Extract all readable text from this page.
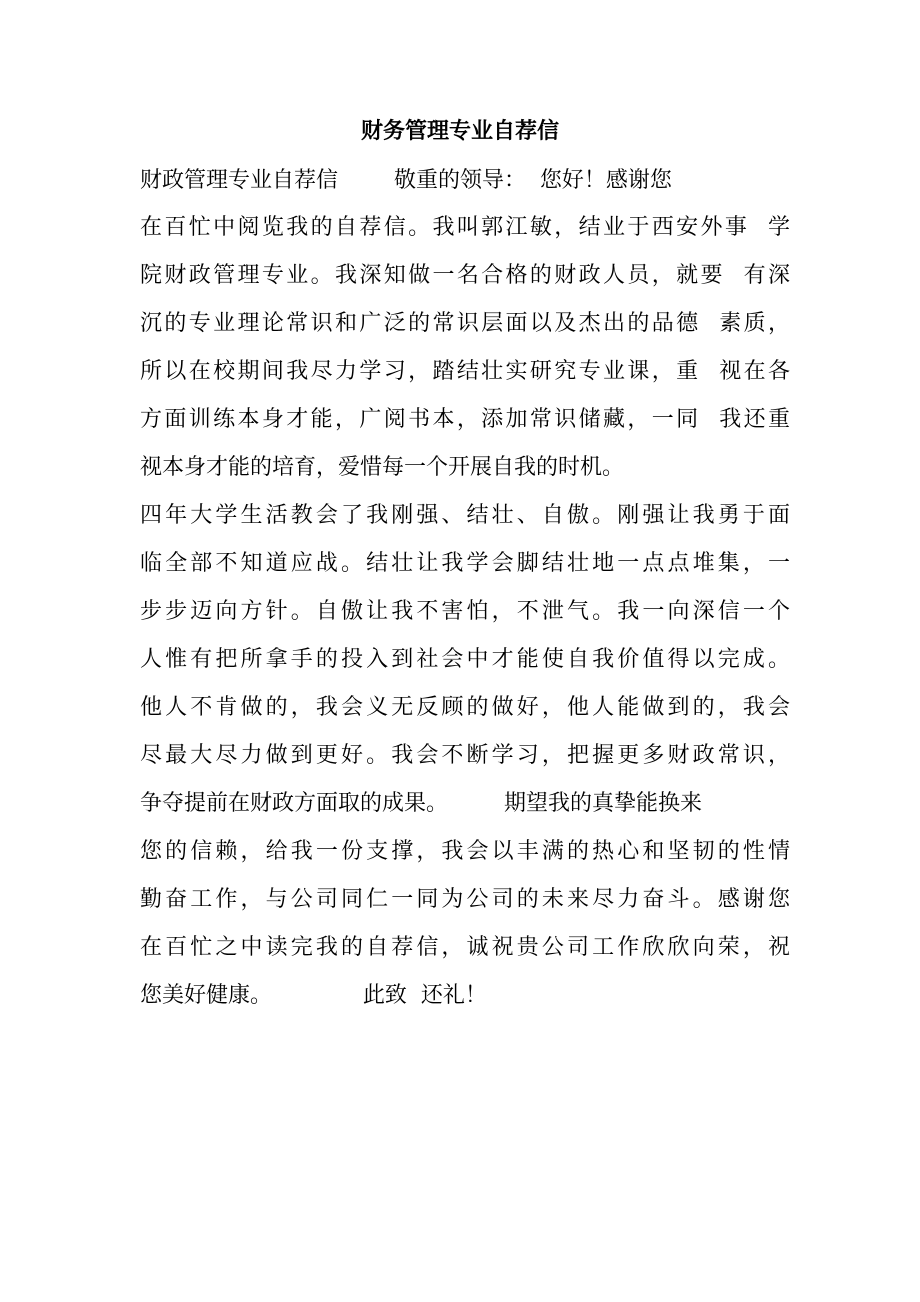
财务管理专业自荐信
财政管理专业自荐信        敬重的领导：  您好！感谢您
在百忙中阅览我的自荐信。我叫郭江敏，结业于西安外事  学
院财政管理专业。我深知做一名合格的财政人员，就要  有深
沉的专业理论常识和广泛的常识层面以及杰出的品德  素质，
所以在校期间我尽力学习，踏结壮实研究专业课，重  视在各
方面训练本身才能，广阅书本，添加常识储藏，一同  我还重
视本身才能的培育，爱惜每一个开展自我的时机。
四年大学生活教会了我刚强、结壮、自傲。刚强让我勇于面
临全部不知道应战。结壮让我学会脚结壮地一点点堆集，一
步步迈向方针。自傲让我不害怕，不泄气。我一向深信一个
人惟有把所拿手的投入到社会中才能使自我价值得以完成。
他人不肯做的，我会义无反顾的做好，他人能做到的，我会
尽最大尽力做到更好。我会不断学习，把握更多财政常识，
争夺提前在财政方面取的成果。        期望我的真挚能换来
您的信赖，给我一份支撑，我会以丰满的热心和坚韧的性情
勤奋工作，与公司同仁一同为公司的未来尽力奋斗。感谢您
在百忙之中读完我的自荐信，诚祝贵公司工作欣欣向荣，祝
您美好健康。             此致  还礼！
